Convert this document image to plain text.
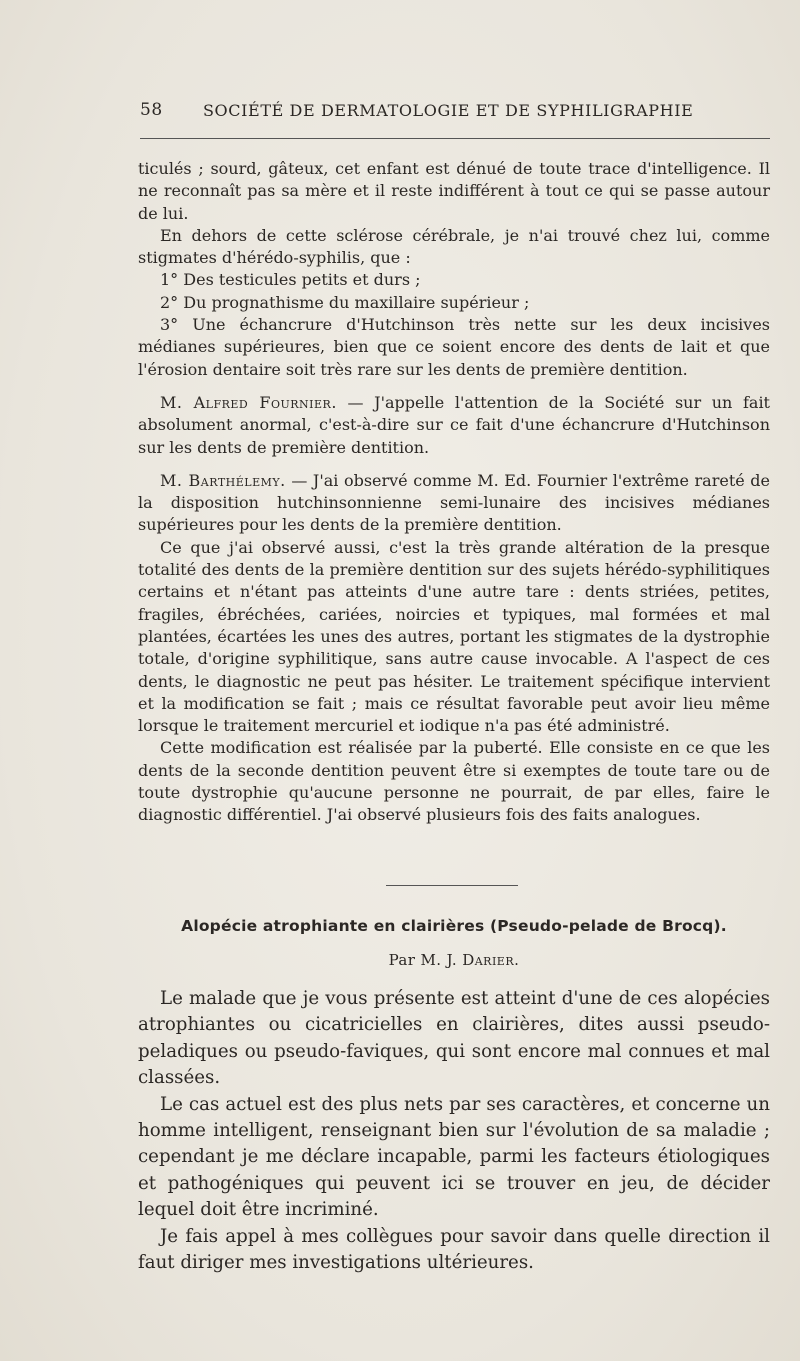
58	SOCIÉTÉ DE DERMATOLOGIE ET DE SYPHILIGRAPHIE

ticulés ; sourd, gâteux, cet enfant est dénué de toute trace d'intelligence. Il ne reconnaît pas sa mère et il reste indifférent à tout ce qui se passe autour de lui.

En dehors de cette sclérose cérébrale, je n'ai trouvé chez lui, comme stigmates d'hérédo-syphilis, que :

1° Des testicules petits et durs ;

2° Du prognathisme du maxillaire supérieur ;

3° Une échancrure d'Hutchinson très nette sur les deux incisives médianes supérieures, bien que ce soient encore des dents de lait et que l'érosion dentaire soit très rare sur les dents de première dentition.

M. Alfred Fournier. — J'appelle l'attention de la Société sur un fait absolument anormal, c'est-à-dire sur ce fait d'une échancrure d'Hutchinson sur les dents de première dentition.

M. Barthélemy. — J'ai observé comme M. Ed. Fournier l'extrême rareté de la disposition hutchinsonnienne semi-lunaire des incisives médianes supérieures pour les dents de la première dentition.

Ce que j'ai observé aussi, c'est la très grande altération de la presque totalité des dents de la première dentition sur des sujets hérédo-syphilitiques certains et n'étant pas atteints d'une autre tare : dents striées, petites, fragiles, ébréchées, cariées, noircies et typiques, mal formées et mal plantées, écartées les unes des autres, portant les stigmates de la dystrophie totale, d'origine syphilitique, sans autre cause invocable. A l'aspect de ces dents, le diagnostic ne peut pas hésiter. Le traitement spécifique intervient et la modification se fait ; mais ce résultat favorable peut avoir lieu même lorsque le traitement mercuriel et iodique n'a pas été administré.

Cette modification est réalisée par la puberté. Elle consiste en ce que les dents de la seconde dentition peuvent être si exemptes de toute tare ou de toute dystrophie qu'aucune personne ne pourrait, de par elles, faire le diagnostic différentiel. J'ai observé plusieurs fois des faits analogues.

Alopécie atrophiante en clairières (Pseudo-pelade de Brocq).
Par M. J. Darier.

Le malade que je vous présente est atteint d'une de ces alopécies atrophiantes ou cicatricielles en clairières, dites aussi pseudo-peladiques ou pseudo-faviques, qui sont encore mal connues et mal classées.

Le cas actuel est des plus nets par ses caractères, et concerne un homme intelligent, renseignant bien sur l'évolution de sa maladie ; cependant je me déclare incapable, parmi les facteurs étiologiques et pathogéniques qui peuvent ici se trouver en jeu, de décider lequel doit être incriminé.

Je fais appel à mes collègues pour savoir dans quelle direction il faut diriger mes investigations ultérieures.
